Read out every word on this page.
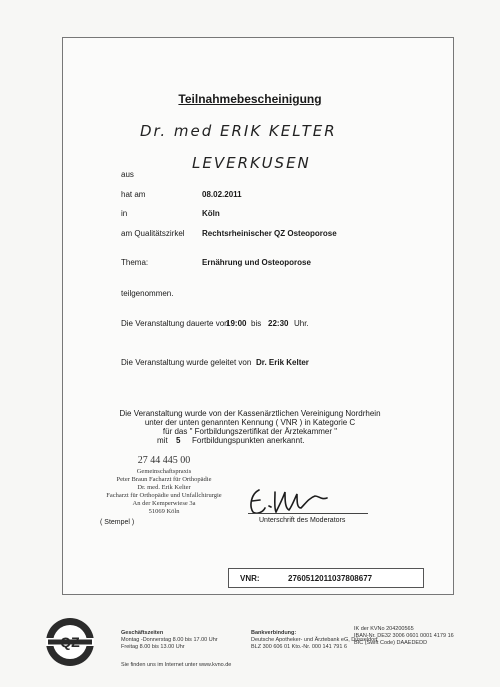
Teilnahmebescheinigung
Dr. med ERIK KELTER
LEVERKUSEN
aus
hat am	08.02.2011
in	Köln
am Qualitätszirkel Rechtsrheinischer QZ Osteoporose
Thema:	Ernährung und Osteoporose
teilgenommen.
Die Veranstaltung dauerte von
19:00 bis 22:30 Uhr.
Die Veranstaltung wurde geleitet von Dr. Erik Kelter
Die Veranstaltung wurde von der Kassenärztlichen Vereinigung Nordrhein
unter der unten genannten Kennung ( VNR ) in Kategorie C
für das " Fortbildungszertifikat der Ärztekammer "
mit 5 Fortbildungspunkten anerkannt.
27 44 445 00
Gemeinschaftspraxis
Peter Braun Facharzt für Orthopädie
Dr. med. Erik Kelter
Facharzt für Orthopädie und Unfallchirurgie
An der Kemperwiese 3a
51069 Köln
( Stempel )	Unterschrift des Moderators
VNR:	2760512011037808677
QZ
Geschäftszeiten
Montag -Donnerstag 8.00 bis 17.00 Uhr
Freitag 8.00 bis 13.00 Uhr
Bankverbindung:
Deutsche Apotheker- und Ärztebank eG, Düsseldorf
BLZ 300 606 01 Kto.-Nr. 000 141 791 6
IK der KVNo 204200565
IBAN-Nr. DE32 3006 0601 0001 4179 16
BIC (Swift Code) DAAEDEDD
Sie finden uns im Internet unter www.kvno.de
